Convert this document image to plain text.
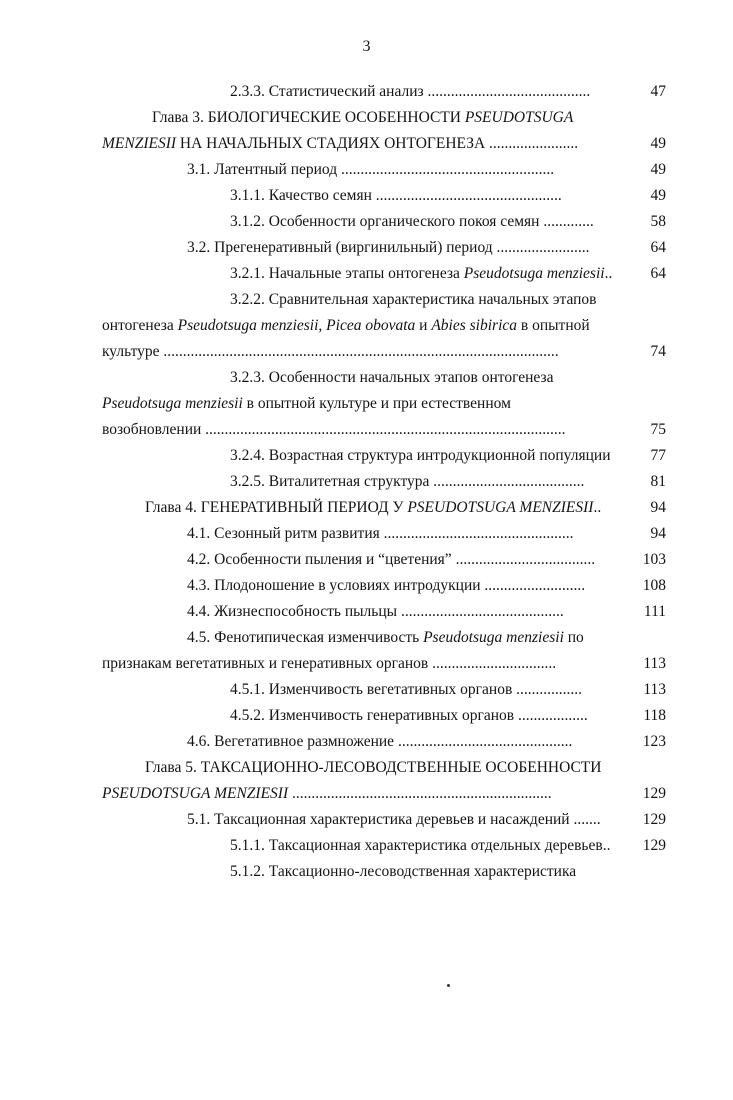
3
2.3.3. Статистический анализ ..........................................	47
Глава 3. БИОЛОГИЧЕСКИЕ ОСОБЕННОСТИ PSEUDOTSUGA
MENZIESII НА НАЧАЛЬНЫХ СТАДИЯХ ОНТОГЕНЕЗА .......................	49
3.1. Латентный период .......................................................	49
3.1.1. Качество семян ................................................	49
3.1.2. Особенности органического покоя семян .............	58
3.2. Прегенеративный (виргинильный) период ........................	64
3.2.1. Начальные этапы онтогенеза Pseudotsuga menziesii..	64
3.2.2. Сравнительная характеристика начальных этапов
онтогенеза Pseudotsuga menziesii, Picea obovata и Abies sibirica в опытной
культуре ......................................................................................................	74
3.2.3. Особенности начальных этапов онтогенеза
Pseudotsuga menziesii в опытной культуре и при естественном
возобновлении .............................................................................................	75
3.2.4. Возрастная структура интродукционной популяции	77
3.2.5. Виталитетная структура .......................................	81
Глава 4. ГЕНЕРАТИВНЫЙ ПЕРИОД У PSEUDOTSUGA MENZIESII..	94
4.1. Сезонный ритм развития .................................................	94
4.2. Особенности пыления и “цветения” ....................................	103
4.3. Плодоношение в условиях интродукции ..........................	108
4.4. Жизнеспособность пыльцы ..........................................	111
4.5. Фенотипическая изменчивость Pseudotsuga menziesii по
признакам вегетативных и генеративных органов ................................	113
4.5.1. Изменчивость вегетативных органов .................	113
4.5.2. Изменчивость генеративных органов ..................	118
4.6. Вегетативное размножение .............................................	123
Глава 5. ТАКСАЦИОННО-ЛЕСОВОДСТВЕННЫЕ ОСОБЕННОСТИ
PSEUDOTSUGA MENZIESII ...................................................................	129
5.1. Таксационная характеристика деревьев и насаждений .......	129
5.1.1. Таксационная характеристика отдельных деревьев..	129
5.1.2. Таксационно-лесоводственная характеристика
